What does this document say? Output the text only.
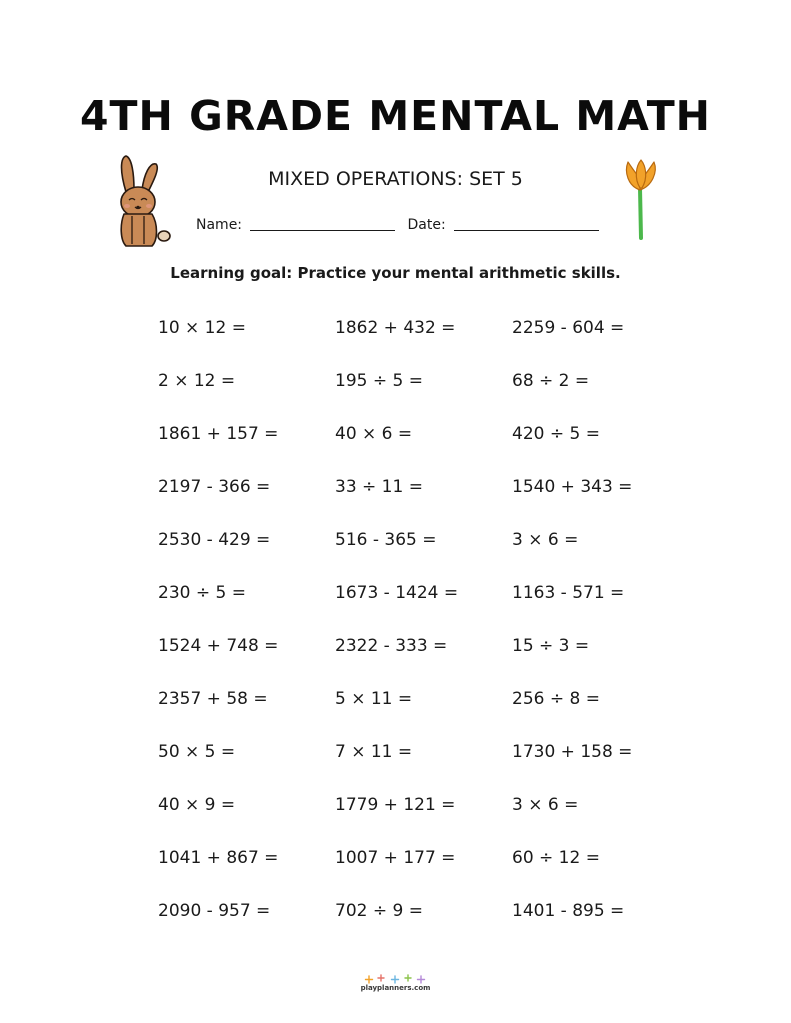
4TH GRADE MENTAL MATH
MIXED OPERATIONS: SET 5
Name:	Date:
Learning goal: Practice your mental arithmetic skills.
10 × 12 =	1862 + 432 =	2259 - 604 =
2 × 12 =	195 ÷ 5 =	68 ÷ 2 =
1861 + 157 =	40 × 6 =	420 ÷ 5 =
2197 - 366 =	33 ÷ 11 =	1540 + 343 =
2530 - 429 =	516 - 365 =	3 × 6 =
230 ÷ 5 =	1673 - 1424 =	1163 - 571 =
1524 + 748 =	2322 - 333 =	15 ÷ 3 =
2357 + 58 =	5 × 11 =	256 ÷ 8 =
50 × 5 =	7 × 11 =	1730 + 158 =
40 × 9 =	1779 + 121 =	3 × 6 =
1041 + 867 =	1007 + 177 =	60 ÷ 12 =
2090 - 957 =	702 ÷ 9 =	1401 - 895 =
playplanners.com
